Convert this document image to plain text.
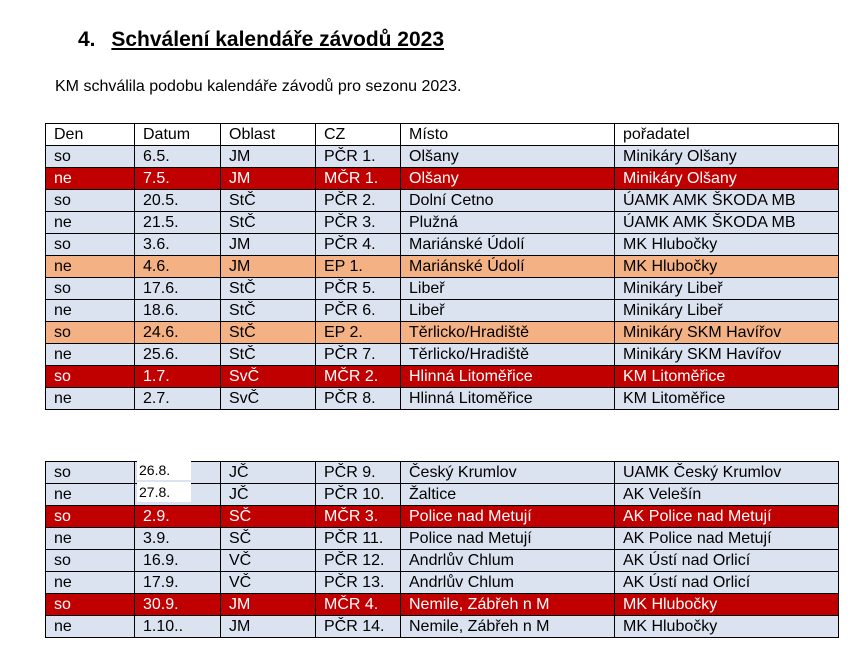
4. Schválení kalendáře závodů 2023
KM schválila podobu kalendáře závodů pro sezonu 2023.
Den	Datum	Oblast	CZ	Místo	pořadatel
so	6.5.	JM	PČR 1.	Olšany	Minikáry Olšany
ne	7.5.	JM	MČR 1.	Olšany	Minikáry Olšany
so	20.5.	StČ	PČR 2.	Dolní Cetno	ÚAMK AMK ŠKODA MB
ne	21.5.	StČ	PČR 3.	Plužná	ÚAMK AMK ŠKODA MB
so	3.6.	JM	PČR 4.	Mariánské Údolí	MK Hlubočky
ne	4.6.	JM	EP 1.	Mariánské Údolí	MK Hlubočky
so	17.6.	StČ	PČR 5.	Libeř	Minikáry Libeř
ne	18.6.	StČ	PČR 6.	Libeř	Minikáry Libeř
so	24.6.	StČ	EP 2.	Těrlicko/Hradiště	Minikáry SKM Havířov
ne	25.6.	StČ	PČR 7.	Těrlicko/Hradiště	Minikáry SKM Havířov
so	1.7.	SvČ	MČR 2.	Hlinná Litoměřice	KM Litoměřice
ne	2.7.	SvČ	PČR 8.	Hlinná Litoměřice	KM Litoměřice
so	26.8.	JČ	PČR 9.	Český Krumlov	UAMK Český Krumlov
ne	27.8.	JČ	PČR 10.	Žaltice	AK Velešín
so	2.9.	SČ	MČR 3.	Police nad Metují	AK Police nad Metují
ne	3.9.	SČ	PČR 11.	Police nad Metují	AK Police nad Metují
so	16.9.	VČ	PČR 12.	Andrlův Chlum	AK Ústí nad Orlicí
ne	17.9.	VČ	PČR 13.	Andrlův Chlum	AK Ústí nad Orlicí
so	30.9.	JM	MČR 4.	Nemile, Zábřeh n M	MK Hlubočky
ne	1.10..	JM	PČR 14.	Nemile, Zábřeh n M	MK Hlubočky
